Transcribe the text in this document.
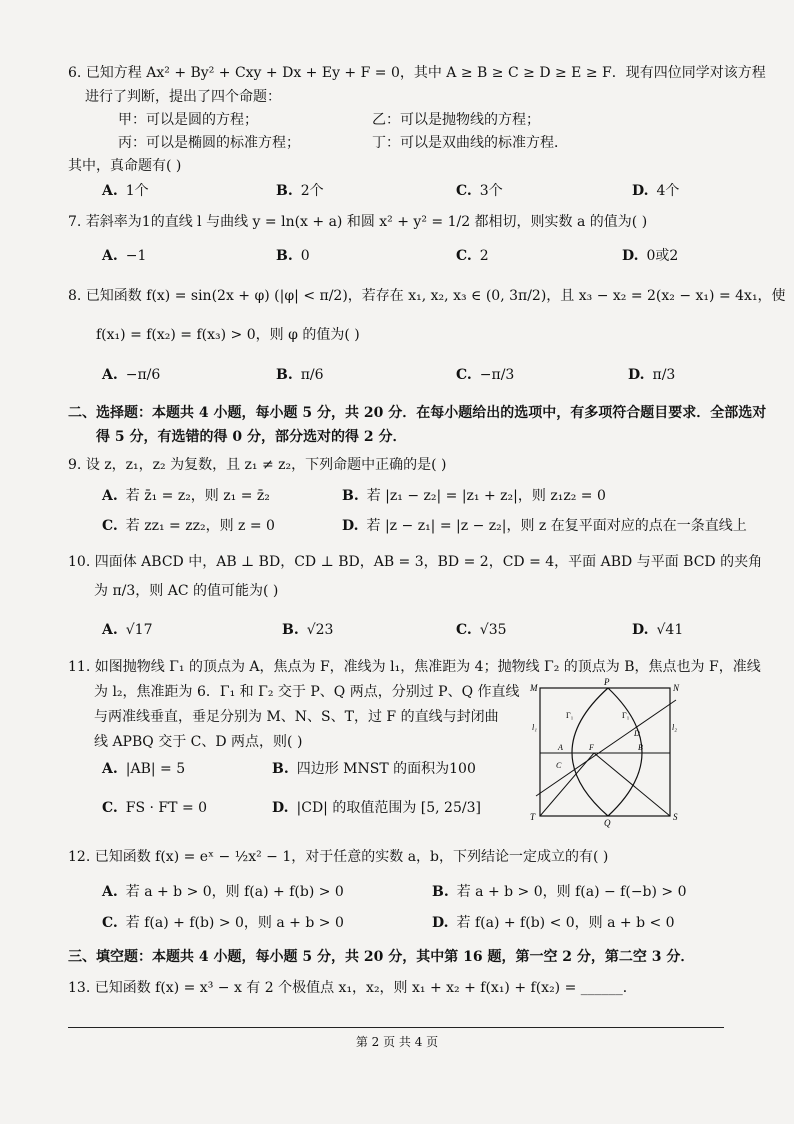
6. 已知方程 Ax² + By² + Cxy + Dx + Ey + F = 0，其中 A ≥ B ≥ C ≥ D ≥ E ≥ F．现有四位同学对该方程
进行了判断，提出了四个命题：
甲：可以是圆的方程；	乙：可以是抛物线的方程；
丙：可以是椭圆的标准方程；	丁：可以是双曲线的标准方程．
其中，真命题有( )
A. 1个	B. 2个	C. 3个	D. 4个
7. 若斜率为1的直线 l 与曲线 y = ln(x + a) 和圆 x² + y² = 1/2 都相切，则实数 a 的值为( )
A. −1	B. 0	C. 2	D. 0或2
8. 已知函数 f(x) = sin(2x + φ) (|φ| < π/2)，若存在 x₁, x₂, x₃ ∈ (0, 3π/2)，且 x₃ − x₂ = 2(x₂ − x₁) = 4x₁，使
f(x₁) = f(x₂) = f(x₃) > 0，则 φ 的值为( )
A. −π/6	B. π/6	C. −π/3	D. π/3
二、选择题：本题共 4 小题，每小题 5 分，共 20 分．在每小题给出的选项中，有多项符合题目要求．全部选对
得 5 分，有选错的得 0 分，部分选对的得 2 分．
9. 设 z，z₁，z₂ 为复数，且 z₁ ≠ z₂，下列命题中正确的是( )
A. 若 z̄₁ = z₂，则 z₁ = z̄₂	B. 若 |z₁ − z₂| = |z₁ + z₂|，则 z₁z₂ = 0
C. 若 zz₁ = zz₂，则 z = 0	D. 若 |z − z₁| = |z − z₂|，则 z 在复平面对应的点在一条直线上
10. 四面体 ABCD 中，AB ⊥ BD，CD ⊥ BD，AB = 3，BD = 2，CD = 4，平面 ABD 与平面 BCD 的夹角
为 π/3，则 AC 的值可能为( )
A. √17	B. √23	C. √35	D. √41
11. 如图抛物线 Γ₁ 的顶点为 A，焦点为 F，准线为 l₁，焦准距为 4；抛物线 Γ₂ 的顶点为 B，焦点也为 F，准线
为 l₂，焦准距为 6．Γ₁ 和 Γ₂ 交于 P、Q 两点，分别过 P、Q 作直线
与两准线垂直，垂足分别为 M、N、S、T，过 F 的直线与封闭曲
线 APBQ 交于 C、D 两点，则( )
A. |AB| = 5	B. 四边形 MNST 的面积为100
C. FS · FT = 0	D. |CD| 的取值范围为 [5, 25/3]
M
P
N
Γ₁	Γ₁
l₁	l₂
A	F	B
D
C
T
Q
S
12. 已知函数 f(x) = eˣ − ½x² − 1，对于任意的实数 a，b，下列结论一定成立的有( )
A. 若 a + b > 0，则 f(a) + f(b) > 0	B. 若 a + b > 0，则 f(a) − f(−b) > 0
C. 若 f(a) + f(b) > 0，则 a + b > 0	D. 若 f(a) + f(b) < 0，则 a + b < 0
三、填空题：本题共 4 小题，每小题 5 分，共 20 分，其中第 16 题，第一空 2 分，第二空 3 分．
13. 已知函数 f(x) = x³ − x 有 2 个极值点 x₁，x₂，则 x₁ + x₂ + f(x₁) + f(x₂) = ______．
第 2 页 共 4 页
